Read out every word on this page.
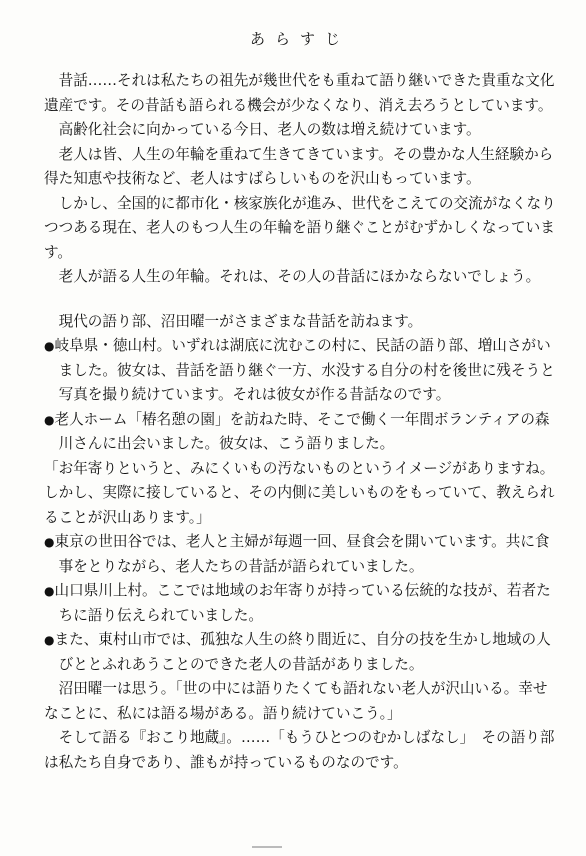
あらすじ

昔話……それは私たちの祖先が幾世代をも重ねて語り継いできた貴重な文化遺産です。その昔話も語られる機会が少なくなり、消え去ろうとしています。

高齢化社会に向かっている今日、老人の数は増え続けています。

老人は皆、人生の年輪を重ねて生きてきています。その豊かな人生経験から得た知恵や技術など、老人はすばらしいものを沢山もっています。

しかし、全国的に都市化・核家族化が進み、世代をこえての交流がなくなりつつある現在、老人のもつ人生の年輪を語り継ぐことがむずかしくなっています。

老人が語る人生の年輪。それは、その人の昔話にほかならないでしょう。

現代の語り部、沼田曜一がさまざまな昔話を訪ねます。

●岐阜県・徳山村。いずれは湖底に沈むこの村に、民話の語り部、増山さがいました。彼女は、昔話を語り継ぐ一方、水没する自分の村を後世に残そうと写真を撮り続けています。それは彼女が作る昔話なのです。

●老人ホーム「椿名憩の園」を訪ねた時、そこで働く一年間ボランティアの森川さんに出会いました。彼女は、こう語りました。

「お年寄りというと、みにくいもの汚ないものというイメージがありますね。しかし、実際に接していると、その内側に美しいものをもっていて、教えられることが沢山あります。」

●東京の世田谷では、老人と主婦が毎週一回、昼食会を開いています。共に食事をとりながら、老人たちの昔話が語られていました。

●山口県川上村。ここでは地域のお年寄りが持っている伝統的な技が、若者たちに語り伝えられていました。

●また、東村山市では、孤独な人生の終り間近に、自分の技を生かし地域の人びととふれあうことのできた老人の昔話がありました。

沼田曜一は思う。「世の中には語りたくても語れない老人が沢山いる。幸せなことに、私には語る場がある。語り続けていこう。」

そして語る『おこり地蔵』。……「もうひとつのむかしばなし」　その語り部は私たち自身であり、誰もが持っているものなのです。
